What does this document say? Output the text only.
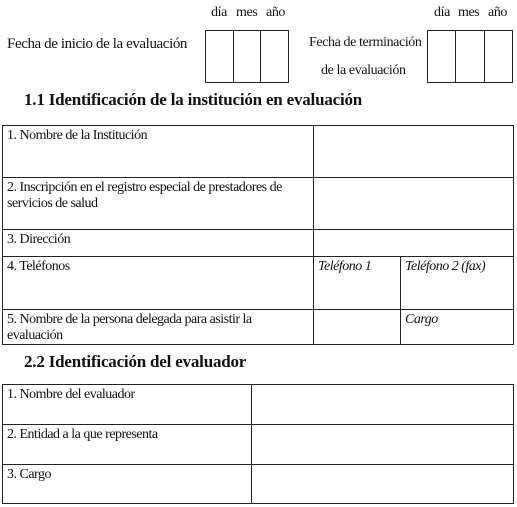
día mes año
Fecha de inicio de la evaluación
día mes año
Fecha de terminación
de la evaluación
1.1 Identificación de la institución en evaluación
1. Nombre de la Institución		
2. Inscripción en el registro especial de prestadores de servicios de salud		
3. Dirección		
4. Teléfonos	Teléfono 1	Teléfono 2 (fax)
5. Nombre de la persona delegada para asistir la evaluación		Cargo
2.2 Identificación del evaluador
1. Nombre del evaluador	
2. Entidad a la que representa	
3. Cargo	
